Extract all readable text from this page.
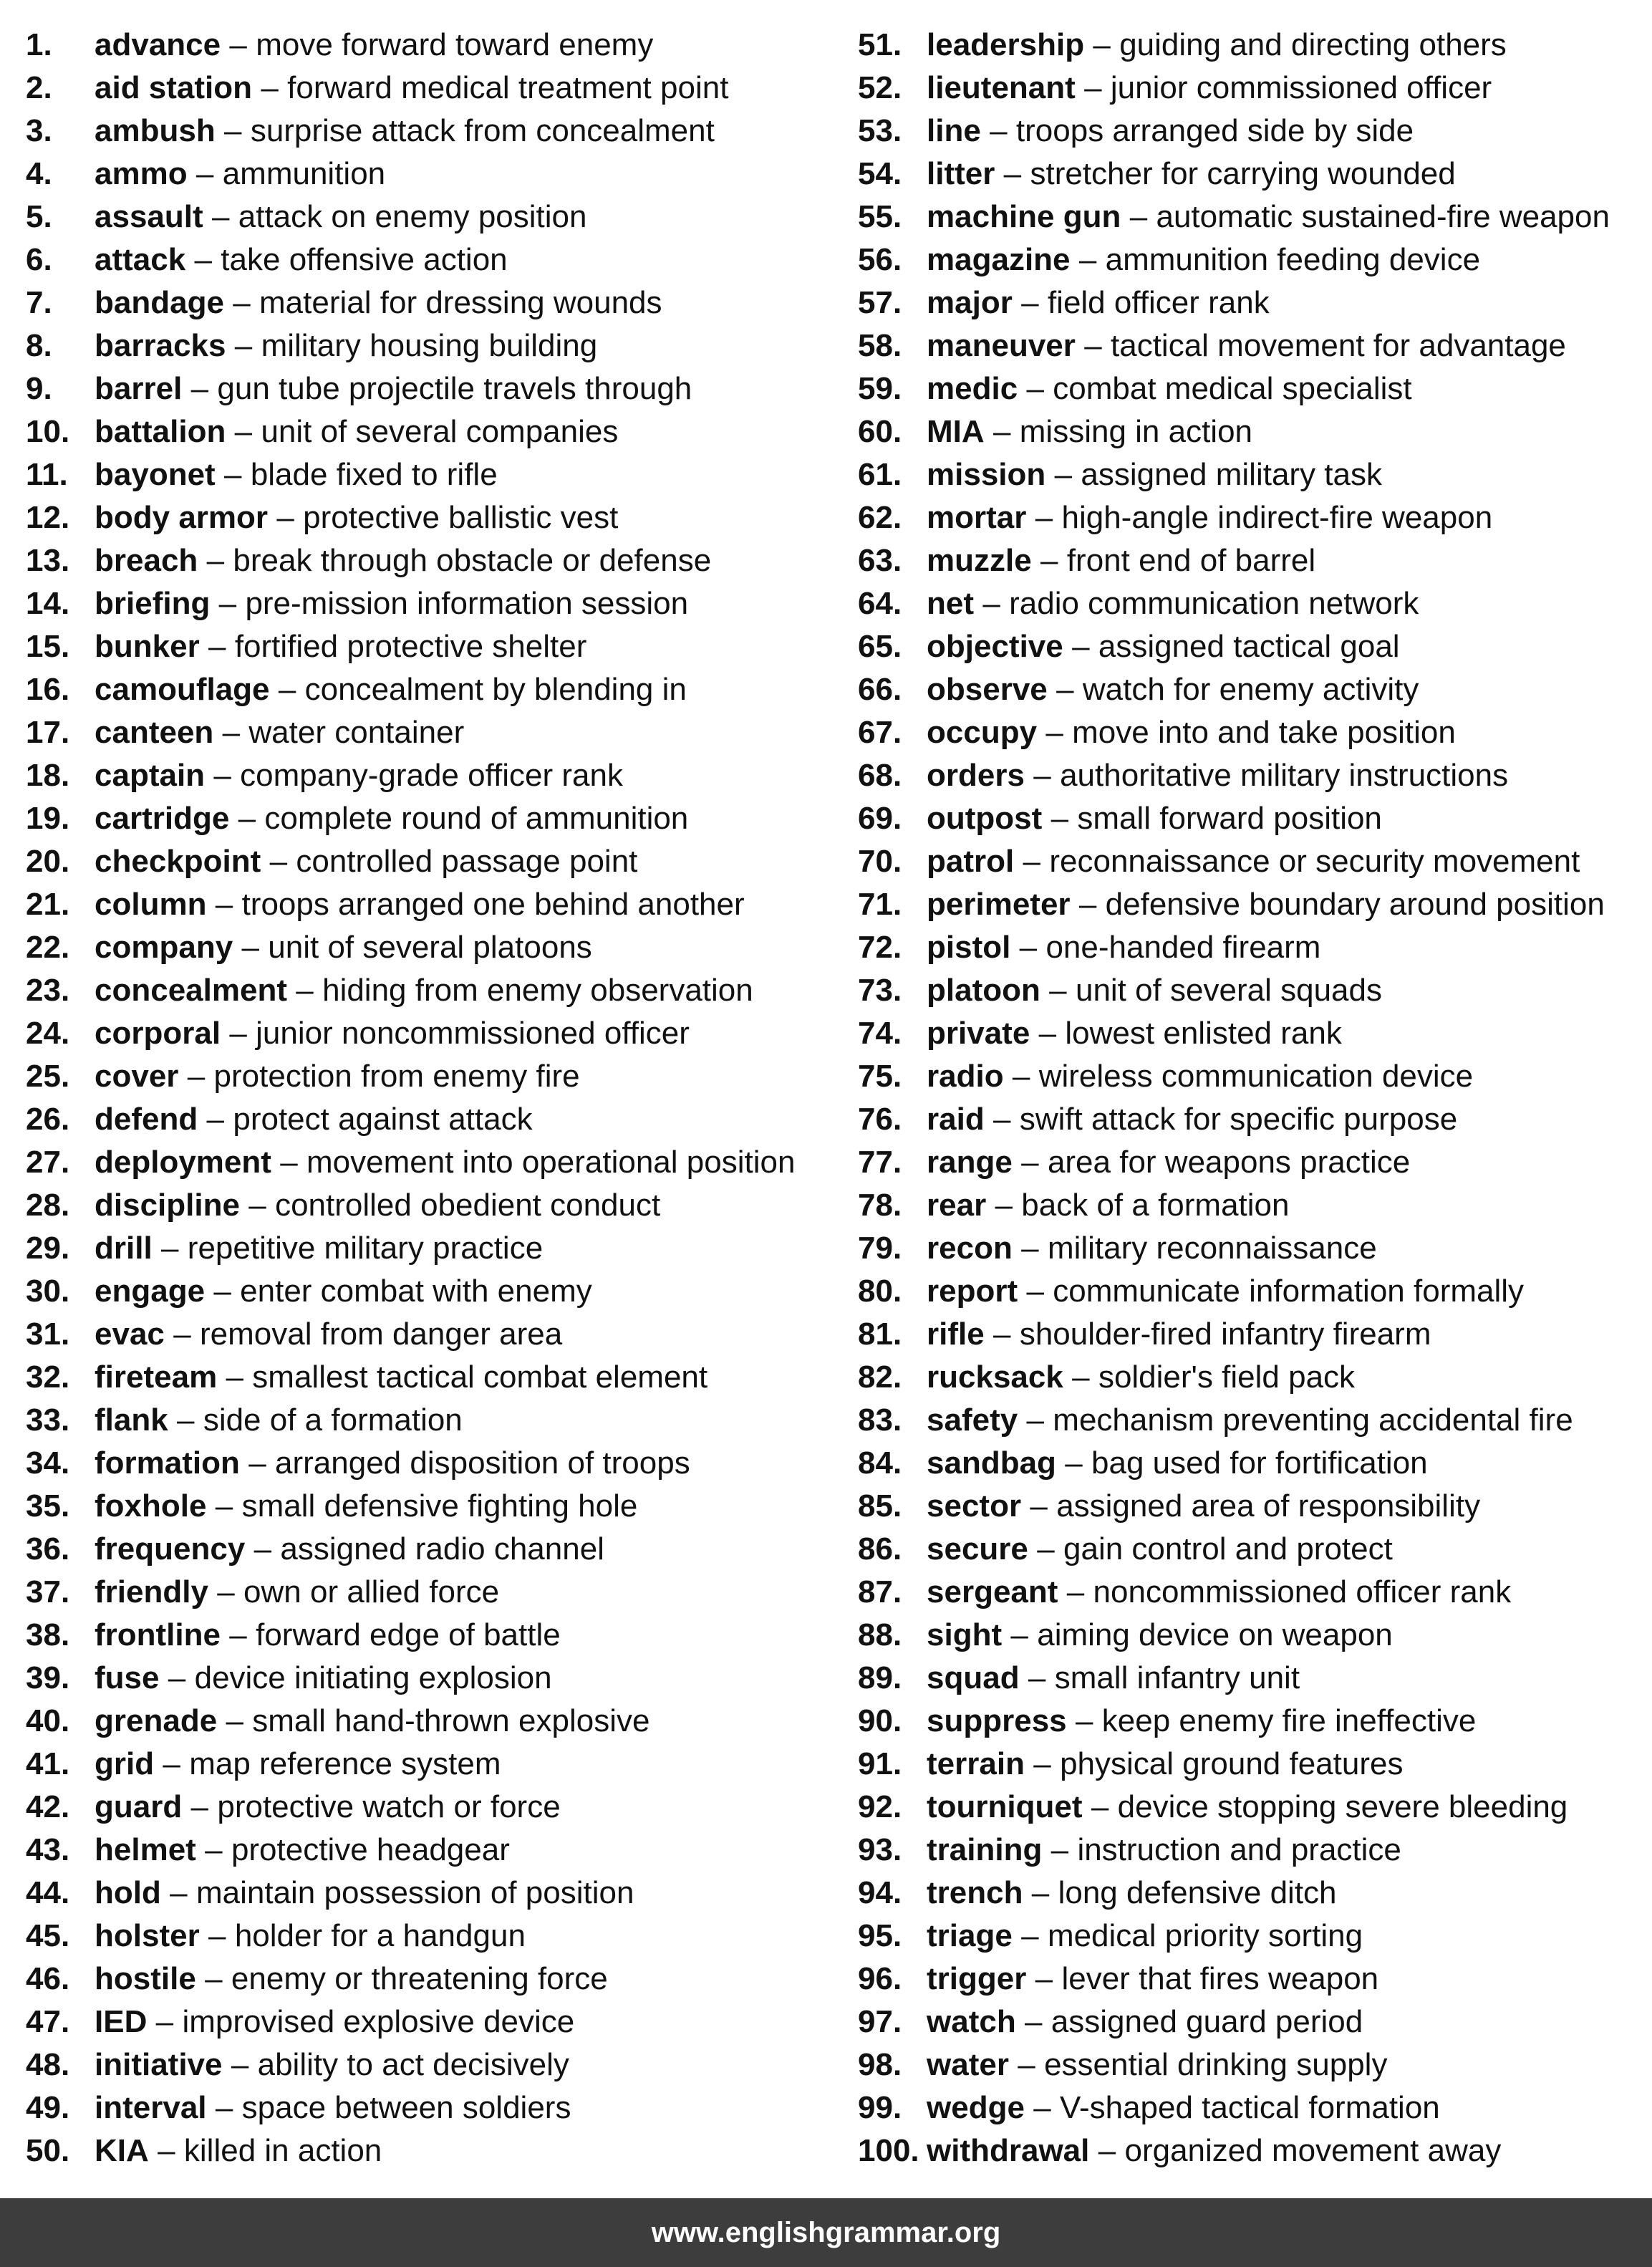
1.	advance – move forward toward enemy
2.	aid station – forward medical treatment point
3.	ambush – surprise attack from concealment
4.	ammo – ammunition
5.	assault – attack on enemy position
6.	attack – take offensive action
7.	bandage – material for dressing wounds
8.	barracks – military housing building
9.	barrel – gun tube projectile travels through
10. battalion – unit of several companies
11. bayonet – blade fixed to rifle
12. body armor – protective ballistic vest
13. breach – break through obstacle or defense
14. briefing – pre-mission information session
15. bunker – fortified protective shelter
16. camouflage – concealment by blending in
17. canteen – water container
18. captain – company-grade officer rank
19. cartridge – complete round of ammunition
20. checkpoint – controlled passage point
21. column – troops arranged one behind another
22. company – unit of several platoons
23. concealment – hiding from enemy observation
24. corporal – junior noncommissioned officer
25. cover – protection from enemy fire
26. defend – protect against attack
27. deployment – movement into operational position
28. discipline – controlled obedient conduct
29. drill – repetitive military practice
30. engage – enter combat with enemy
31. evac – removal from danger area
32. fireteam – smallest tactical combat element
33. flank – side of a formation
34. formation – arranged disposition of troops
35. foxhole – small defensive fighting hole
36. frequency – assigned radio channel
37. friendly – own or allied force
38. frontline – forward edge of battle
39. fuse – device initiating explosion
40. grenade – small hand-thrown explosive
41. grid – map reference system
42. guard – protective watch or force
43. helmet – protective headgear
44. hold – maintain possession of position
45. holster – holder for a handgun
46. hostile – enemy or threatening force
47. IED – improvised explosive device
48. initiative – ability to act decisively
49. interval – space between soldiers
50. KIA – killed in action
51. leadership – guiding and directing others
52. lieutenant – junior commissioned officer
53. line – troops arranged side by side
54. litter – stretcher for carrying wounded
55. machine gun – automatic sustained-fire weapon
56. magazine – ammunition feeding device
57. major – field officer rank
58. maneuver – tactical movement for advantage
59. medic – combat medical specialist
60. MIA – missing in action
61. mission – assigned military task
62. mortar – high-angle indirect-fire weapon
63. muzzle – front end of barrel
64. net – radio communication network
65. objective – assigned tactical goal
66. observe – watch for enemy activity
67. occupy – move into and take position
68. orders – authoritative military instructions
69. outpost – small forward position
70. patrol – reconnaissance or security movement
71. perimeter – defensive boundary around position
72. pistol – one-handed firearm
73. platoon – unit of several squads
74. private – lowest enlisted rank
75. radio – wireless communication device
76. raid – swift attack for specific purpose
77. range – area for weapons practice
78. rear – back of a formation
79. recon – military reconnaissance
80. report – communicate information formally
81. rifle – shoulder-fired infantry firearm
82. rucksack – soldier's field pack
83. safety – mechanism preventing accidental fire
84. sandbag – bag used for fortification
85. sector – assigned area of responsibility
86. secure – gain control and protect
87. sergeant – noncommissioned officer rank
88. sight – aiming device on weapon
89. squad – small infantry unit
90. suppress – keep enemy fire ineffective
91. terrain – physical ground features
92. tourniquet – device stopping severe bleeding
93. training – instruction and practice
94. trench – long defensive ditch
95. triage – medical priority sorting
96. trigger – lever that fires weapon
97. watch – assigned guard period
98. water – essential drinking supply
99. wedge – V-shaped tactical formation
100. withdrawal – organized movement away
www.englishgrammar.org
